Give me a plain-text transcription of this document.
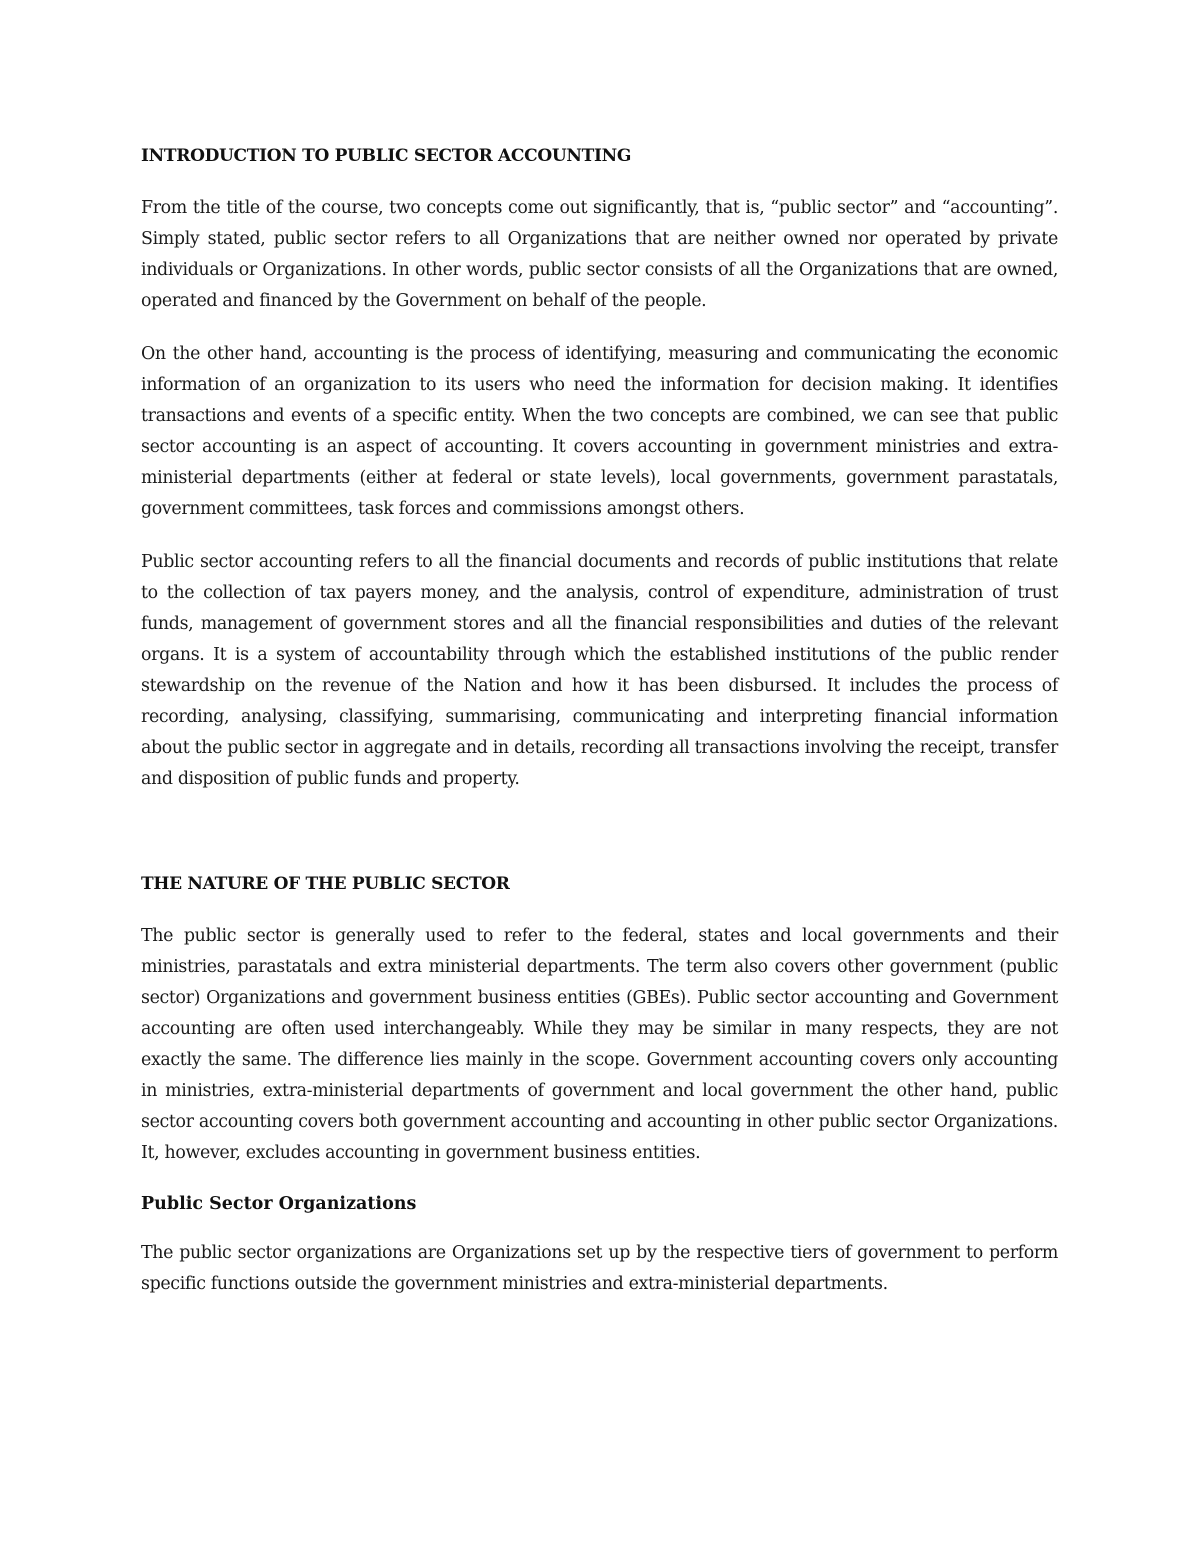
INTRODUCTION TO PUBLIC SECTOR ACCOUNTING

From the title of the course, two concepts come out significantly, that is, “public sector” and “accounting”. Simply stated, public sector refers to all Organizations that are neither owned nor operated by private individuals or Organizations. In other words, public sector consists of all the Organizations that are owned, operated and financed by the Government on behalf of the people.

On the other hand, accounting is the process of identifying, measuring and communicating the economic information of an organization to its users who need the information for decision making. It identifies transactions and events of a specific entity. When the two concepts are combined, we can see that public sector accounting is an aspect of accounting. It covers accounting in government ministries and extra-ministerial departments (either at federal or state levels), local governments, government parastatals, government committees, task forces and commissions amongst others.

Public sector accounting refers to all the financial documents and records of public institutions that relate to the collection of tax payers money, and the analysis, control of expenditure, administration of trust funds, management of government stores and all the financial responsibilities and duties of the relevant organs. It is a system of accountability through which the established institutions of the public render stewardship on the revenue of the Nation and how it has been disbursed. It includes the process of recording, analysing, classifying, summarising, communicating and interpreting financial information about the public sector in aggregate and in details, recording all transactions involving the receipt, transfer and disposition of public funds and property.

THE NATURE OF THE PUBLIC SECTOR

The public sector is generally used to refer to the federal, states and local governments and their ministries, parastatals and extra ministerial departments. The term also covers other government (public sector) Organizations and government business entities (GBEs). Public sector accounting and Government accounting are often used interchangeably. While they may be similar in many respects, they are not exactly the same. The difference lies mainly in the scope. Government accounting covers only accounting in ministries, extra-ministerial departments of government and local government the other hand, public sector accounting covers both government accounting and accounting in other public sector Organizations. It, however, excludes accounting in government business entities.

Public Sector Organizations

The public sector organizations are Organizations set up by the respective tiers of government to perform specific functions outside the government ministries and extra-ministerial departments.
